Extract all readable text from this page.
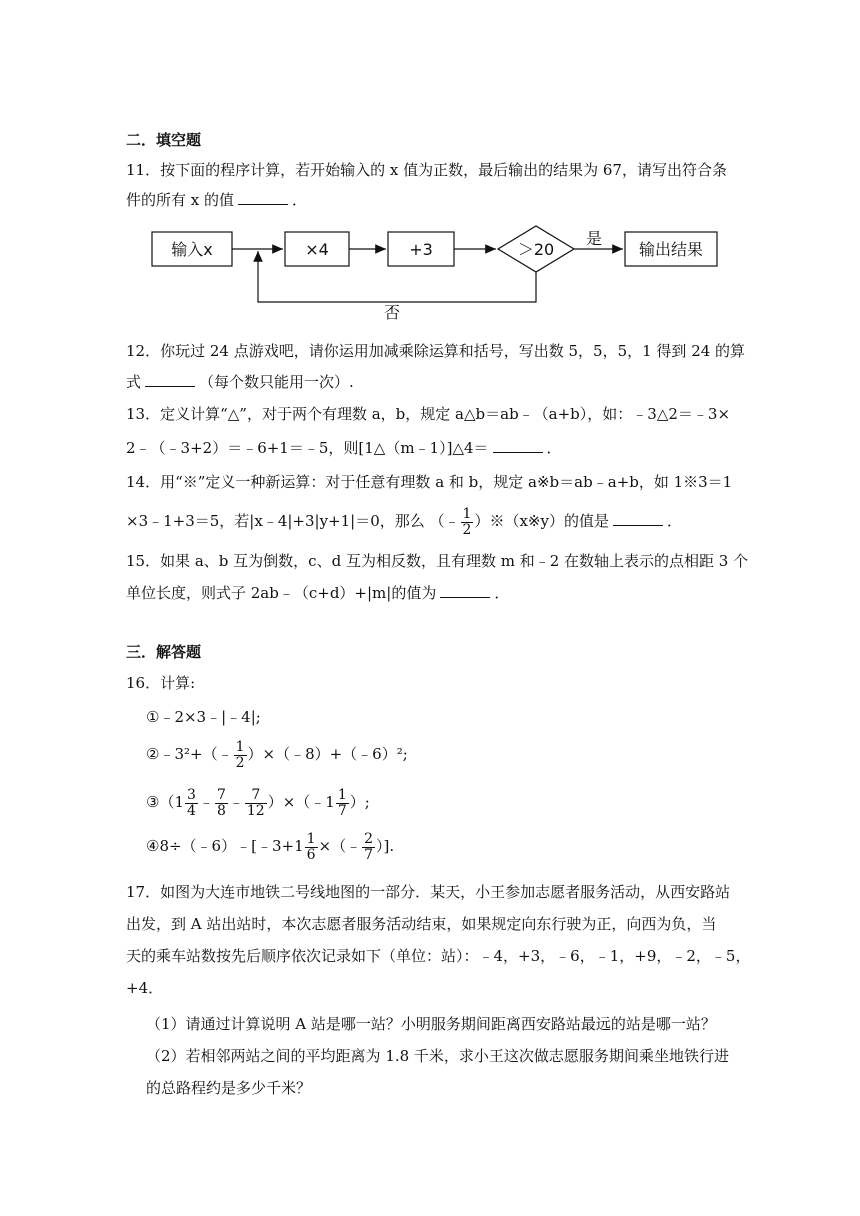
二．填空题
11．按下面的程序计算，若开始输入的 x 值为正数，最后输出的结果为 67，请写出符合条
件的所有 x 的值	．
输入x	×4	+3	＞20
是
输出结果
否
12．你玩过 24 点游戏吧，请你运用加减乘除运算和括号，写出数 5，5，5，1 得到 24 的算
式	（每个数只能用一次）.
13．定义计算“△”，对于两个有理数 a，b，规定 a△b＝ab﹣（a+b），如：﹣3△2＝﹣3×
2﹣（﹣3+2）＝﹣6+1＝﹣5，则[1△（m﹣1）]△4＝	．
14．用“※”定义一种新运算：对于任意有理数 a 和 b，规定 a※b＝ab﹣a+b，如 1※3＝1
×3﹣1+3＝5，若|x﹣4|+3|y+1|＝0，那么 （﹣ $\frac{1}{2}$ ）※（x※y）的值是	．
15．如果 a、b 互为倒数，c、d 互为相反数，且有理数 m 和﹣2 在数轴上表示的点相距 3 个
单位长度，则式子 2ab﹣（c+d）+|m|的值为	．
三．解答题
16．计算:
①﹣2×3﹣|﹣4|;
②﹣3²+（﹣ $\frac{1}{2}$ ）×（﹣8）+（﹣6）²;
③（1 $\frac{3}{4}$ ﹣ $\frac{7}{8}$ ﹣ $\frac{7}{12}$ ）×（﹣1 $\frac{1}{7}$ ）;
④8÷（﹣6）﹣[﹣3+1 $\frac{1}{6}$ ×（﹣ $\frac{2}{7}$ ）].
17．如图为大连市地铁二号线地图的一部分．某天，小王参加志愿者服务活动，从西安路站
出发，到 A 站出站时，本次志愿者服务活动结束，如果规定向东行驶为正，向西为负，当
天的乘车站数按先后顺序依次记录如下（单位：站）：﹣4，+3，﹣6，﹣1，+9，﹣2，﹣5，
+4．
（1）请通过计算说明 A 站是哪一站？小明服务期间距离西安路站最远的站是哪一站？
（2）若相邻两站之间的平均距离为 1.8 千米，求小王这次做志愿服务期间乘坐地铁行进
的总路程约是多少千米？
